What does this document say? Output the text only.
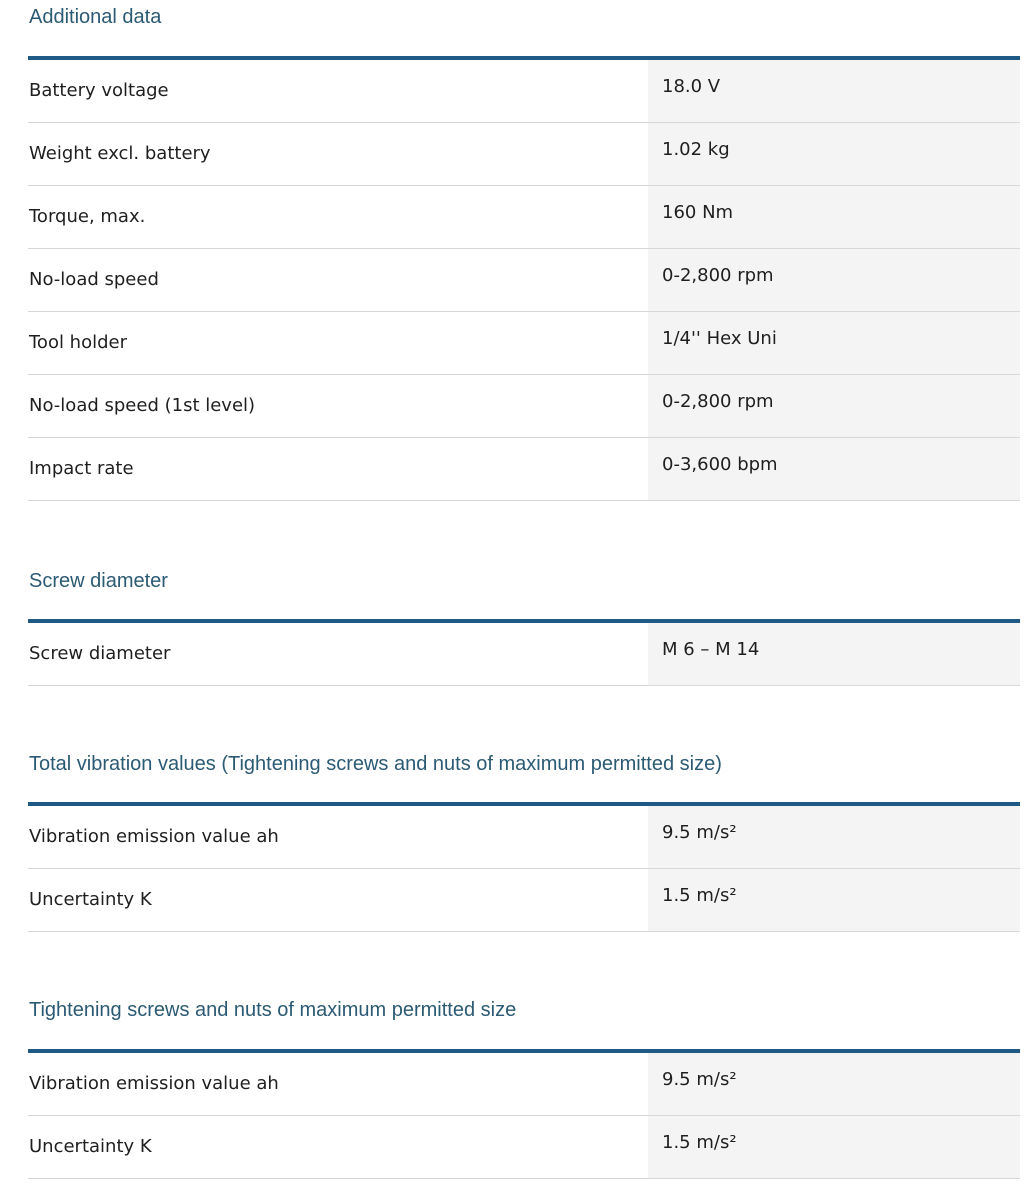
Additional data
Battery voltage	18.0 V
Weight excl. battery	1.02 kg
Torque, max.	160 Nm
No-load speed	0-2,800 rpm
Tool holder	1/4'' Hex Uni
No-load speed (1st level)	0-2,800 rpm
Impact rate	0-3,600 bpm
Screw diameter
Screw diameter	M 6 – M 14
Total vibration values (Tightening screws and nuts of maximum permitted size)
Vibration emission value ah	9.5 m/s²
Uncertainty K	1.5 m/s²
Tightening screws and nuts of maximum permitted size
Vibration emission value ah	9.5 m/s²
Uncertainty K	1.5 m/s²
